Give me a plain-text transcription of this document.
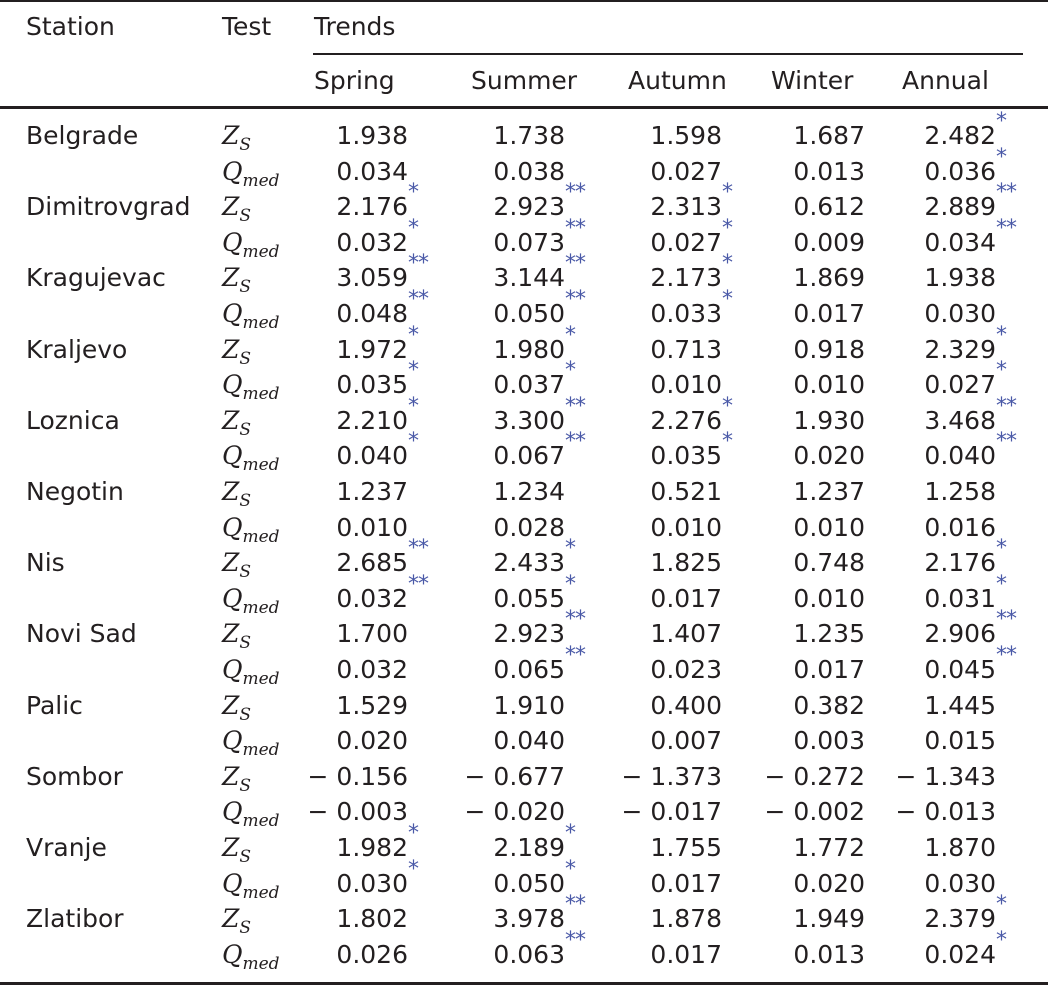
Station	Test Trends
Spring	Summer Autumn Winter Annual
Belgrade	$Z_S$	1.938	1.738	1.598	1.687 2.482 *
$Q_{med}$ 0.034	0.038	0.027	0.013 0.036 *
Dimitrovgrad $Z_S$	2.176 *	2.923 **	2.313 * 0.612 2.889 **
$Q_{med}$ 0.032 *	0.073 **	0.027 * 0.009 0.034 **
Kragujevac $Z_S$	3.059 **	3.144 **	2.173 * 1.869 1.938
$Q_{med}$ 0.048 **	0.050 **	0.033 * 0.017 0.030
Kraljevo	$Z_S$	1.972 *	1.980 *	0.713	0.918 2.329 *
$Q_{med}$ 0.035 *	0.037 *	0.010	0.010 0.027 *
Loznica	$Z_S$	2.210 *	3.300 **	2.276 * 1.930 3.468 **
$Q_{med}$ 0.040 *	0.067 **	0.035 * 0.020 0.040 **
Negotin	$Z_S$	1.237	1.234	0.521	1.237 1.258
$Q_{med}$ 0.010	0.028	0.010	0.010 0.016
Nis	$Z_S$	2.685 **	2.433 *	1.825	0.748 2.176 *
$Q_{med}$ 0.032 **	0.055 *	0.017	0.010 0.031 *
Novi Sad	$Z_S$	1.700	2.923 **	1.407	1.235 2.906 **
$Q_{med}$ 0.032	0.065 **	0.023	0.017 0.045 **
Palic	$Z_S$	1.529	1.910	0.400	0.382 1.445
$Q_{med}$ 0.020	0.040	0.007	0.003 0.015
Sombor	$Z_S - 0.156 - 0.677 - 1.373 - 0.272 - 1.343$
$Q_{med} - 0.003 - 0.020 - 0.017 - 0.002 - 0.013$
Vranje	$Z_S$	1.982 *	2.189 *	1.755	1.772 1.870
$Q_{med}$ 0.030 *	0.050 *	0.017	0.020 0.030
Zlatibor	$Z_S$	1.802	3.978 **	1.878	1.949 2.379 *
$Q_{med}$ 0.026	0.063 **	0.017	0.013 0.024 *
